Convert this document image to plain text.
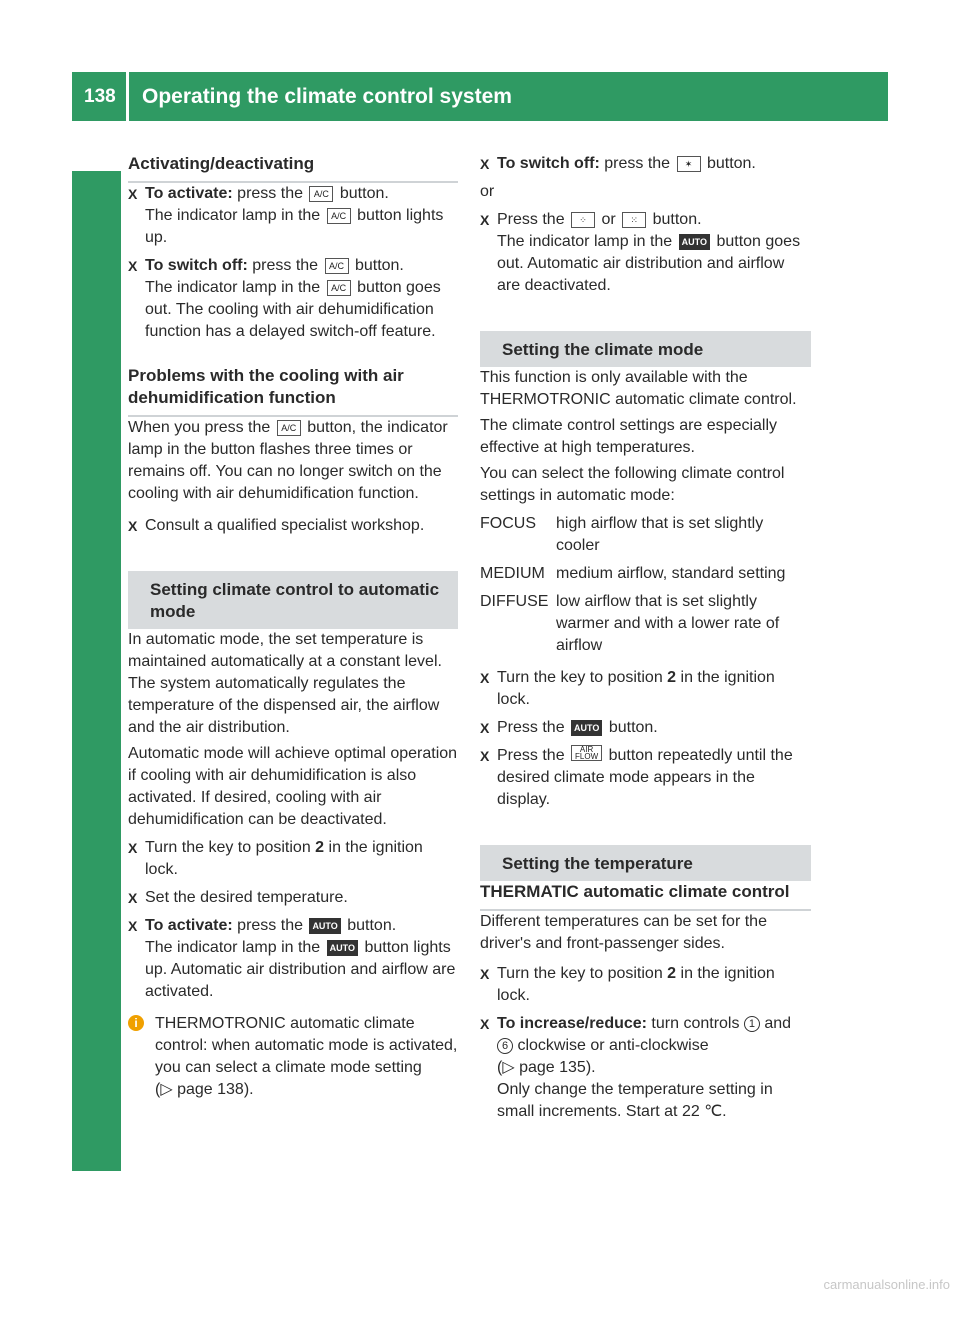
138	Operating the climate control system
Climate control

Activating/deactivating

X To activate: press the A/C button.
The indicator lamp in the A/C button lights up.
X To switch off: press the A/C button.
The indicator lamp in the A/C button goes out. The cooling with air dehumidification function has a delayed switch-off feature.

Problems with the cooling with air dehumidification function

When you press the A/C button, the indicator lamp in the button flashes three times or remains off. You can no longer switch on the cooling with air dehumidification function.

X Consult a qualified specialist workshop.

Setting climate control to automatic mode

In automatic mode, the set temperature is maintained automatically at a constant level. The system automatically regulates the temperature of the dispensed air, the airflow and the air distribution.

Automatic mode will achieve optimal operation if cooling with air dehumidification is also activated. If desired, cooling with air dehumidification can be deactivated.

X Turn the key to position 2 in the ignition lock.
X Set the desired temperature.
X To activate: press the AUTO button.
The indicator lamp in the AUTO button lights up. Automatic air distribution and airflow are activated.
i	THERMOTRONIC automatic climate control: when automatic mode is activated, you can select a climate mode setting
(▷ page 138).
X To switch off: press the ✶ button.

or

X Press the ⁘ or ⁙ button.
The indicator lamp in the AUTO button goes out. Automatic air distribution and airflow are deactivated.

Setting the climate mode

This function is only available with the THERMOTRONIC automatic climate control.

The climate control settings are especially effective at high temperatures.

You can select the following climate control settings in automatic mode:

FOCUS	high airflow that is set slightly cooler
MEDIUM medium airflow, standard setting
DIFFUSE low airflow that is set slightly warmer and with a lower rate of airflow
X Turn the key to position 2 in the ignition lock.
X Press the AUTO button.
X Press the AIR
FLOW button repeatedly until the desired climate mode appears in the display.

Setting the temperature

THERMATIC automatic climate control

Different temperatures can be set for the driver's and front-passenger sides.

X Turn the key to position 2 in the ignition lock.
X To increase/reduce: turn controls 1 and
6 clockwise or anti-clockwise
(▷ page 135).
Only change the temperature setting in small increments. Start at 22 ℃.
carmanualsonline.info
